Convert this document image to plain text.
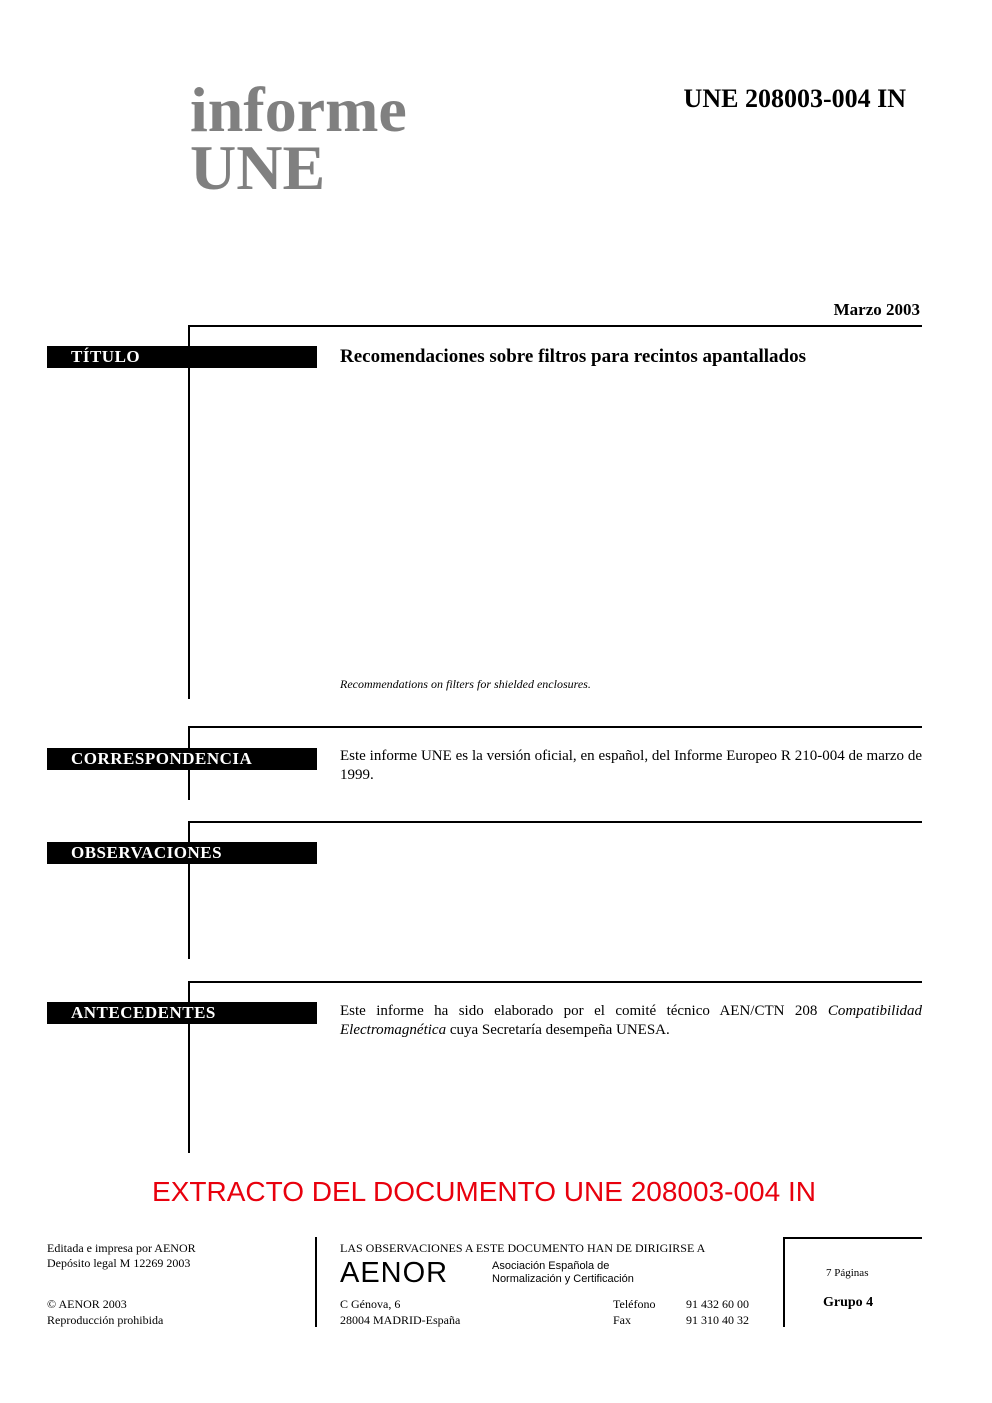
informe
UNE
UNE 208003-004 IN
Marzo 2003
TÍTULO	Recomendaciones sobre filtros para recintos apantallados
Recommendations on filters for shielded enclosures.
CORRESPONDENCIA	Este informe UNE es la versión oficial, en español, del Informe Europeo R 210-004 de marzo de 1999.
OBSERVACIONES
ANTECEDENTES	Este informe ha sido elaborado por el comité técnico AEN/CTN 208 Compatibilidad Electromagnética cuya Secretaría desempeña UNESA.
EXTRACTO DEL DOCUMENTO UNE 208003-004 IN
Editada e impresa por AENOR
Depósito legal M 12269 2003
© AENOR 2003
Reproducción prohibida
LAS OBSERVACIONES A ESTE DOCUMENTO HAN DE DIRIGIRSE A
AENOR	Asociación Española de
Normalización y Certificación
C Génova, 6
28004 MADRID-España
Teléfono	91 432 60 00
Fax	91 310 40 32
7 Páginas
Grupo 4
